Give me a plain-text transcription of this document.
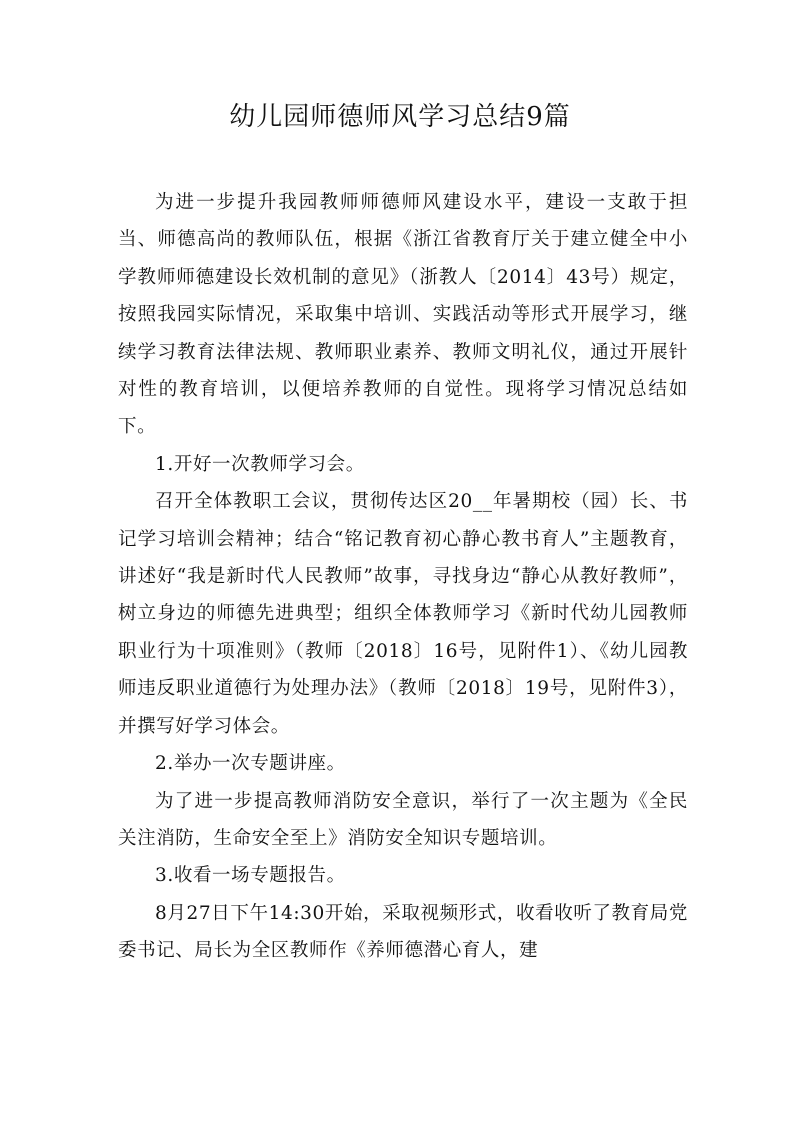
幼儿园师德师风学习总结9篇

为进一步提升我园教师师德师风建设水平，建设一支敢于担当、师德高尚的教师队伍，根据《浙江省教育厅关于建立健全中小学教师师德建设长效机制的意见》（浙教人〔2014〕43号）规定，按照我园实际情况，采取集中培训、实践活动等形式开展学习，继续学习教育法律法规、教师职业素养、教师文明礼仪，通过开展针对性的教育培训，以便培养教师的自觉性。现将学习情况总结如下。

1.开好一次教师学习会。

召开全体教职工会议，贯彻传达区20__年暑期校（园）长、书记学习培训会精神；结合“铭记教育初心静心教书育人”主题教育，讲述好“我是新时代人民教师”故事，寻找身边“静心从教好教师”，树立身边的师德先进典型；组织全体教师学习《新时代幼儿园教师职业行为十项准则》（教师〔2018〕16号，见附件1）、《幼儿园教师违反职业道德行为处理办法》（教师〔2018〕19号，见附件3），并撰写好学习体会。

2.举办一次专题讲座。

为了进一步提高教师消防安全意识，举行了一次主题为《全民关注消防，生命安全至上》消防安全知识专题培训。

3.收看一场专题报告。

8月27日下午14:30开始，采取视频形式，收看收听了教育局党委书记、局长为全区教师作《养师德潜心育人，建
